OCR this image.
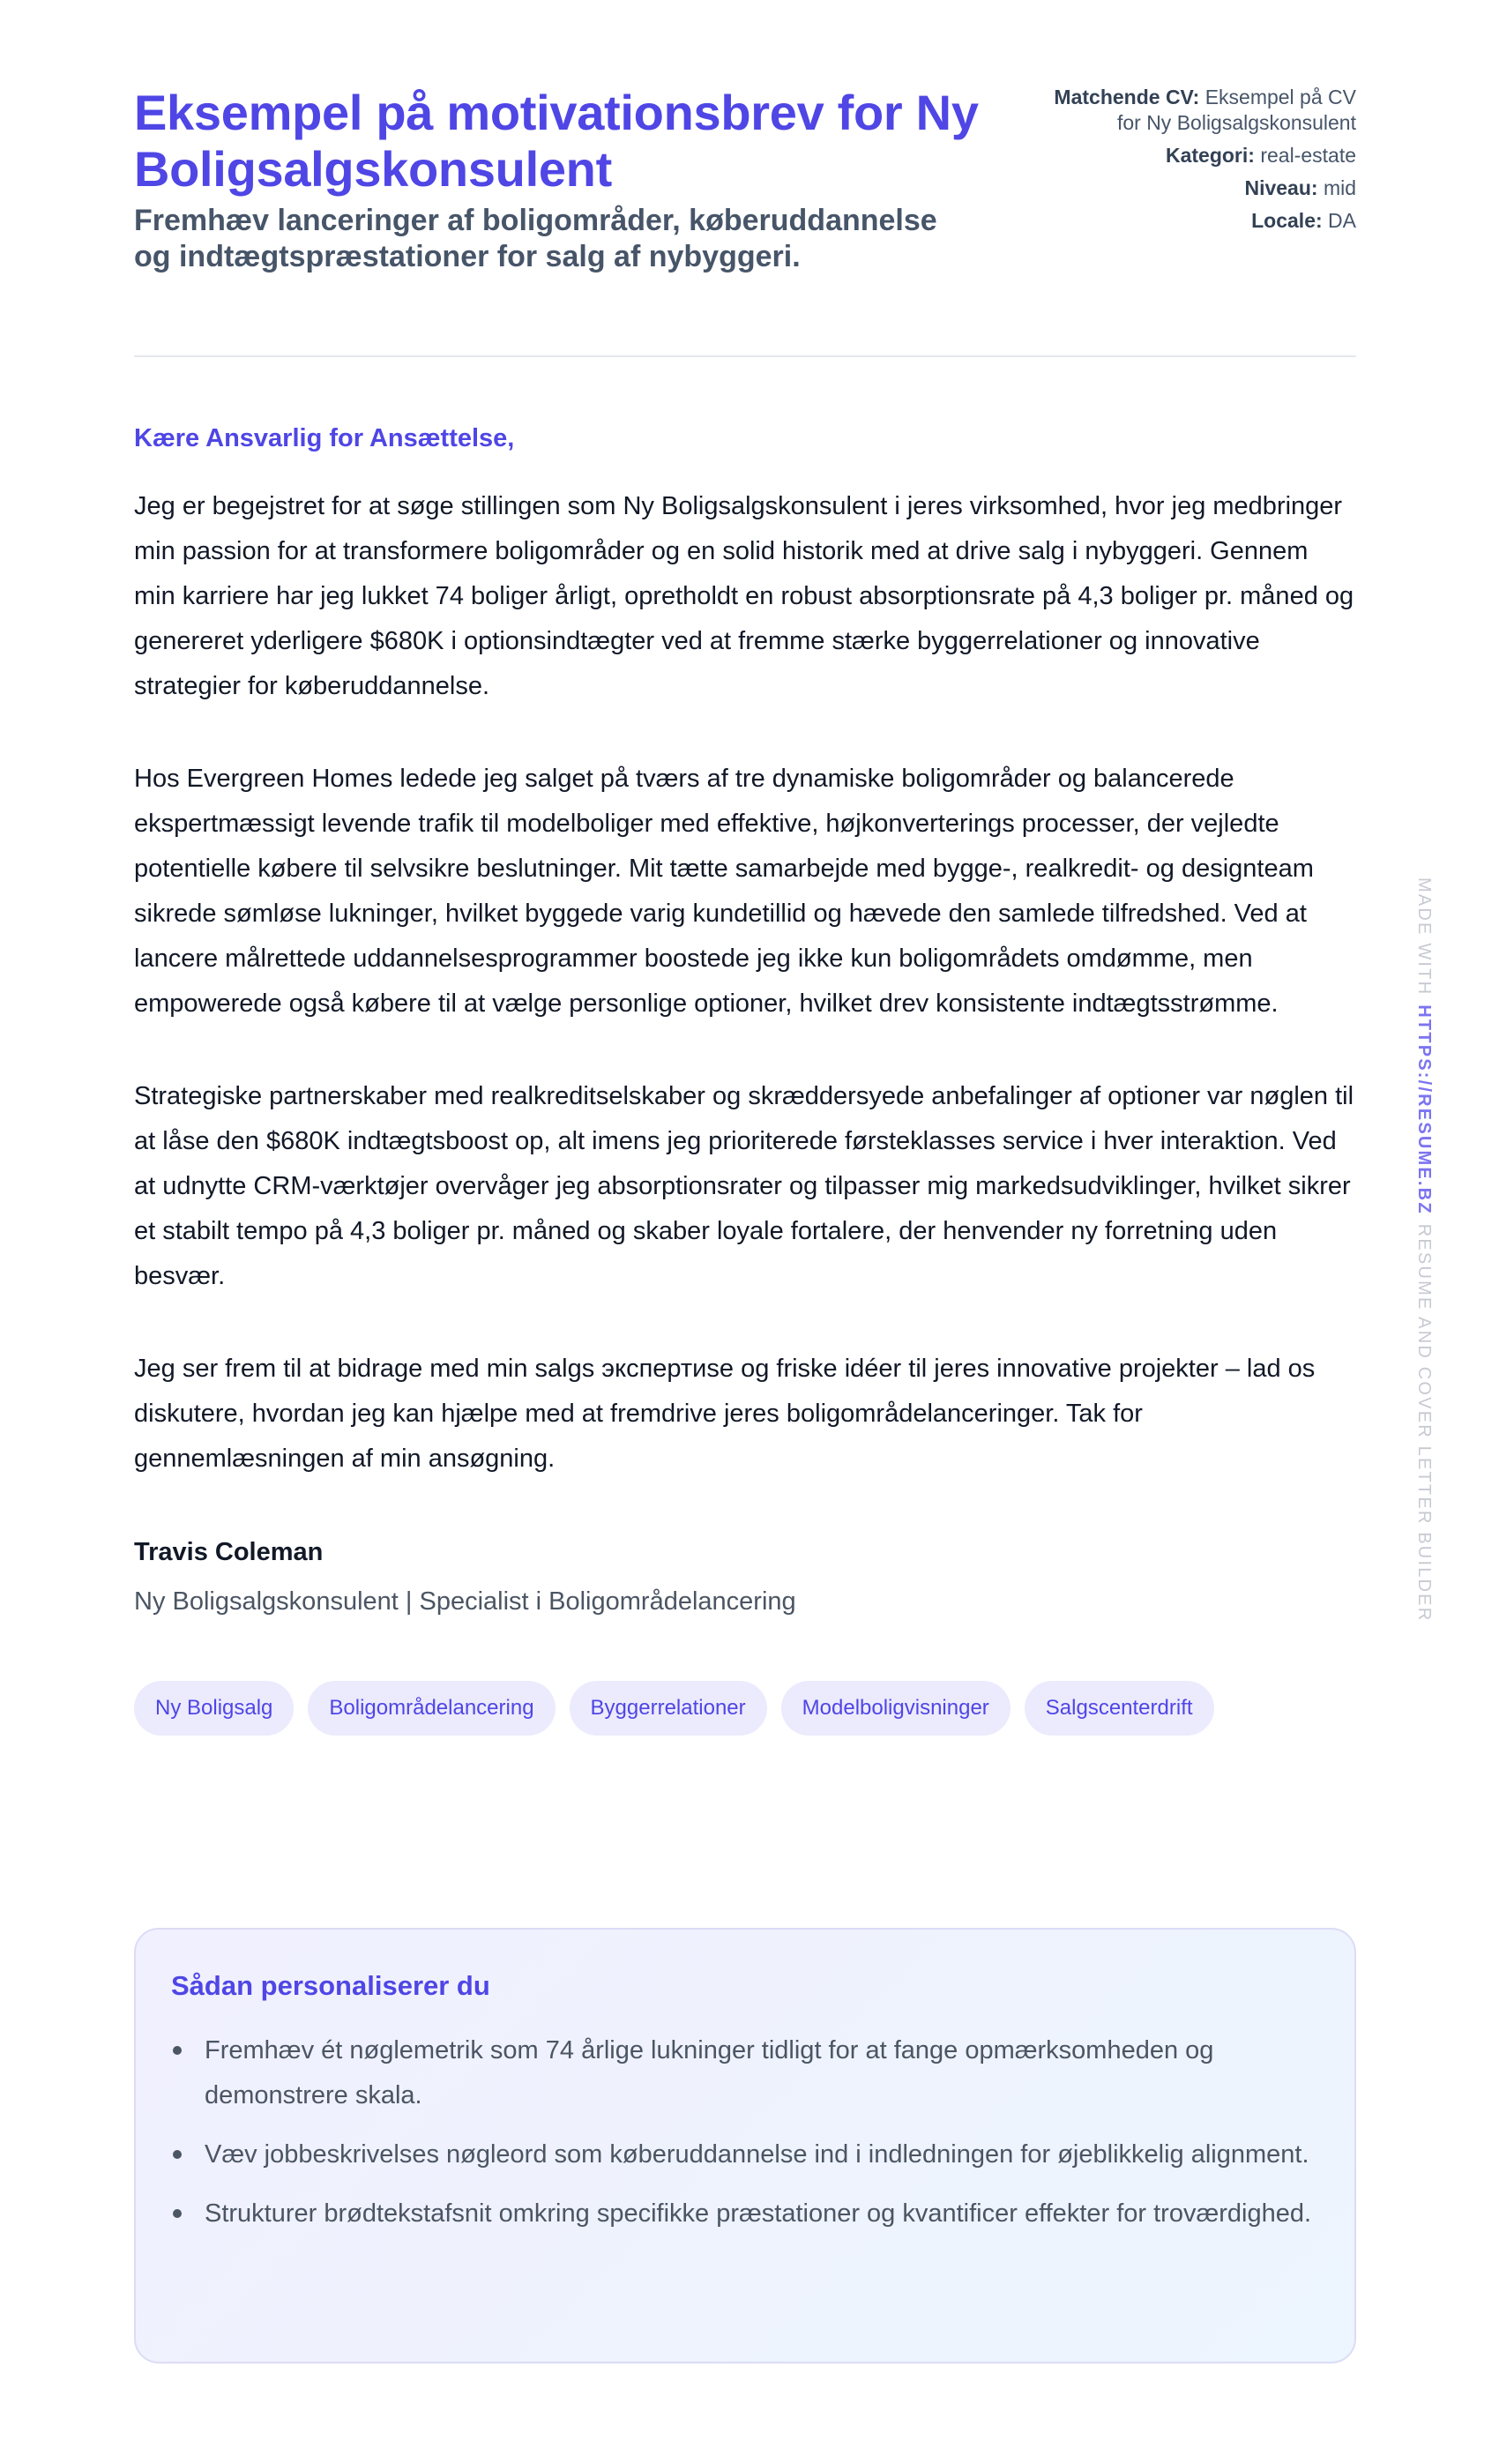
Eksempel på motivationsbrev for Ny Boligsalgskonsulent
Fremhæv lanceringer af boligområder, køberuddannelse og indtægtspræstationer for salg af nybyggeri.
Matchende CV: Eksempel på CV for Ny Boligsalgskonsulent
Kategori: real-estate
Niveau: mid
Locale: DA

Kære Ansvarlig for Ansættelse,

Jeg er begejstret for at søge stillingen som Ny Boligsalgskonsulent i jeres virksomhed, hvor jeg medbringer min passion for at transformere boligområder og en solid historik med at drive salg i nybyggeri. Gennem min karriere har jeg lukket 74 boliger årligt, opretholdt en robust absorptionsrate på 4,3 boliger pr. måned og genereret yderligere $680K i optionsindtægter ved at fremme stærke byggerrelationer og innovative strategier for køberuddannelse.

Hos Evergreen Homes ledede jeg salget på tværs af tre dynamiske boligområder og balancerede ekspertmæssigt levende trafik til modelboliger med effektive, højkonverterings processer, der vejledte potentielle købere til selvsikre beslutninger. Mit tætte samarbejde med bygge-, realkredit- og designteam sikrede sømløse lukninger, hvilket byggede varig kundetillid og hævede den samlede tilfredshed. Ved at lancere målrettede uddannelsesprogrammer boostede jeg ikke kun boligområdets omdømme, men empowerede også købere til at vælge personlige optioner, hvilket drev konsistente indtægtsstrømme.

Strategiske partnerskaber med realkreditselskaber og skræddersyede anbefalinger af optioner var nøglen til at låse den $680K indtægtsboost op, alt imens jeg prioriterede førsteklasses service i hver interaktion. Ved at udnytte CRM-værktøjer overvåger jeg absorptionsrater og tilpasser mig markedsudviklinger, hvilket sikrer et stabilt tempo på 4,3 boliger pr. måned og skaber loyale fortalere, der henvender ny forretning uden besvær.

Jeg ser frem til at bidrage med min salgs экспертиse og friske idéer til jeres innovative projekter – lad os diskutere, hvordan jeg kan hjælpe med at fremdrive jeres boligområdelanceringer. Tak for gennemlæsningen af min ansøgning.

Travis Coleman
Ny Boligsalgskonsulent | Specialist i Boligområdelancering
Ny Boligsalg	Boligområdelancering	Byggerrelationer	Modelboligvisninger	Salgscenterdrift
Sådan personaliserer du
Fremhæv ét nøglemetrik som 74 årlige lukninger tidligt for at fange opmærksomheden og demonstrere skala.
Væv jobbeskrivelses nøgleord som køberuddannelse ind i indledningen for øjeblikkelig alignment.
Strukturer brødtekstafsnit omkring specifikke præstationer og kvantificer effekter for troværdighed.
MADE WITHHTTPS://RESUME.BZRESUME AND COVER LETTER BUILDER
